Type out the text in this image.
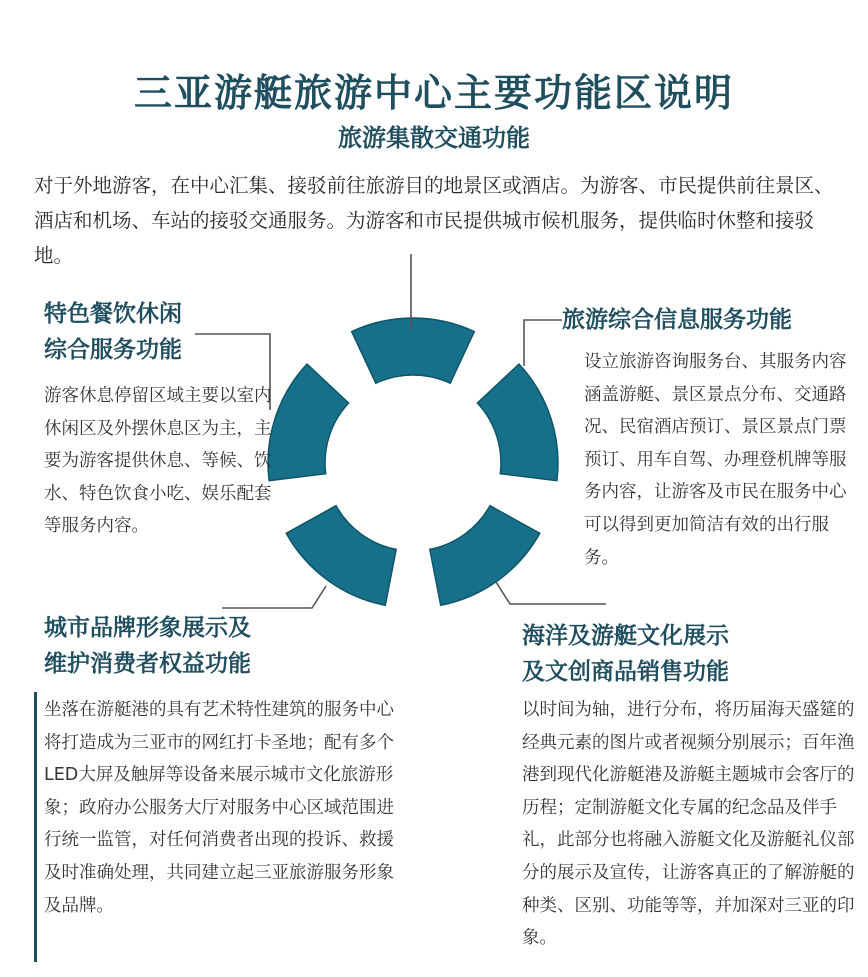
三亚游艇旅游中心主要功能区说明
旅游集散交通功能
对于外地游客，在中心汇集、接驳前往旅游目的地景区或酒店。为游客、市民提供前往景区、酒店和机场、车站的接驳交通服务。为游客和市民提供城市候机服务，提供临时休整和接驳地。
特色餐饮休闲
综合服务功能
游客休息停留区域主要以室内休闲区及外摆休息区为主，主要为游客提供休息、等候、饮水、特色饮食小吃、娱乐配套等服务内容。
旅游综合信息服务功能
设立旅游咨询服务台、其服务内容涵盖游艇、景区景点分布、交通路况、民宿酒店预订、景区景点门票预订、用车自驾、办理登机牌等服务内容，让游客及市民在服务中心可以得到更加简洁有效的出行服务。
城市品牌形象展示及
维护消费者权益功能
坐落在游艇港的具有艺术特性建筑的服务中心将打造成为三亚市的网红打卡圣地；配有多个LED大屏及触屏等设备来展示城市文化旅游形象；政府办公服务大厅对服务中心区域范围进行统一监管，对任何消费者出现的投诉、救援及时准确处理，共同建立起三亚旅游服务形象及品牌。
海洋及游艇文化展示
及文创商品销售功能
以时间为轴，进行分布，将历届海天盛筵的经典元素的图片或者视频分别展示；百年渔港到现代化游艇港及游艇主题城市会客厅的历程；定制游艇文化专属的纪念品及伴手礼，此部分也将融入游艇文化及游艇礼仪部分的展示及宣传，让游客真正的了解游艇的种类、区别、功能等等，并加深对三亚的印象。
